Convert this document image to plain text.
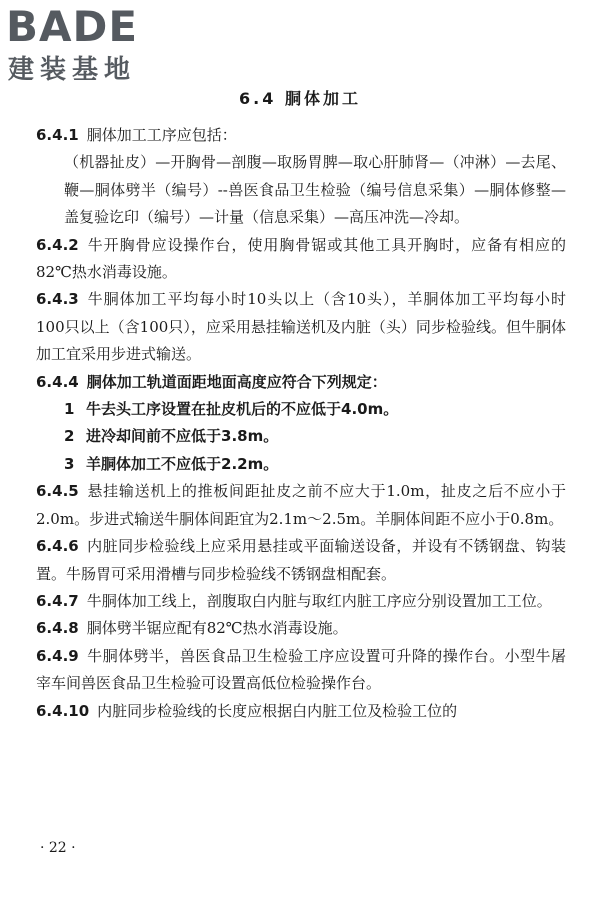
BADE
建装基地
6.4 胴体加工

6.4.1 胴体加工工序应包括：

（机器扯皮）—开胸骨—剖腹—取肠胃脾—取心肝肺肾—（冲淋）—去尾、鞭—胴体劈半（编号）--兽医食品卫生检验（编号信息采集）—胴体修整—盖复验讫印（编号）—计量（信息采集）—高压冲洗—冷却。

6.4.2 牛开胸骨应设操作台，使用胸骨锯或其他工具开胸时，应备有相应的82℃热水消毒设施。

6.4.3 牛胴体加工平均每小时10头以上（含10头），羊胴体加工平均每小时100只以上（含100只），应采用悬挂输送机及内脏（头）同步检验线。但牛胴体加工宜采用步进式输送。

6.4.4 胴体加工轨道面距地面高度应符合下列规定：

1 牛去头工序设置在扯皮机后的不应低于4.0m。

2 进冷却间前不应低于3.8m。

3 羊胴体加工不应低于2.2m。

6.4.5 悬挂输送机上的推板间距扯皮之前不应大于1.0m，扯皮之后不应小于2.0m。步进式输送牛胴体间距宜为2.1m～2.5m。羊胴体间距不应小于0.8m。

6.4.6 内脏同步检验线上应采用悬挂或平面输送设备，并设有不锈钢盘、钩装置。牛肠胃可采用滑槽与同步检验线不锈钢盘相配套。

6.4.7 牛胴体加工线上，剖腹取白内脏与取红内脏工序应分别设置加工工位。

6.4.8 胴体劈半锯应配有82℃热水消毒设施。

6.4.9 牛胴体劈半，兽医食品卫生检验工序应设置可升降的操作台。小型牛屠宰车间兽医食品卫生检验可设置高低位检验操作台。

6.4.10 内脏同步检验线的长度应根据白内脏工位及检验工位的

· 22 ·
